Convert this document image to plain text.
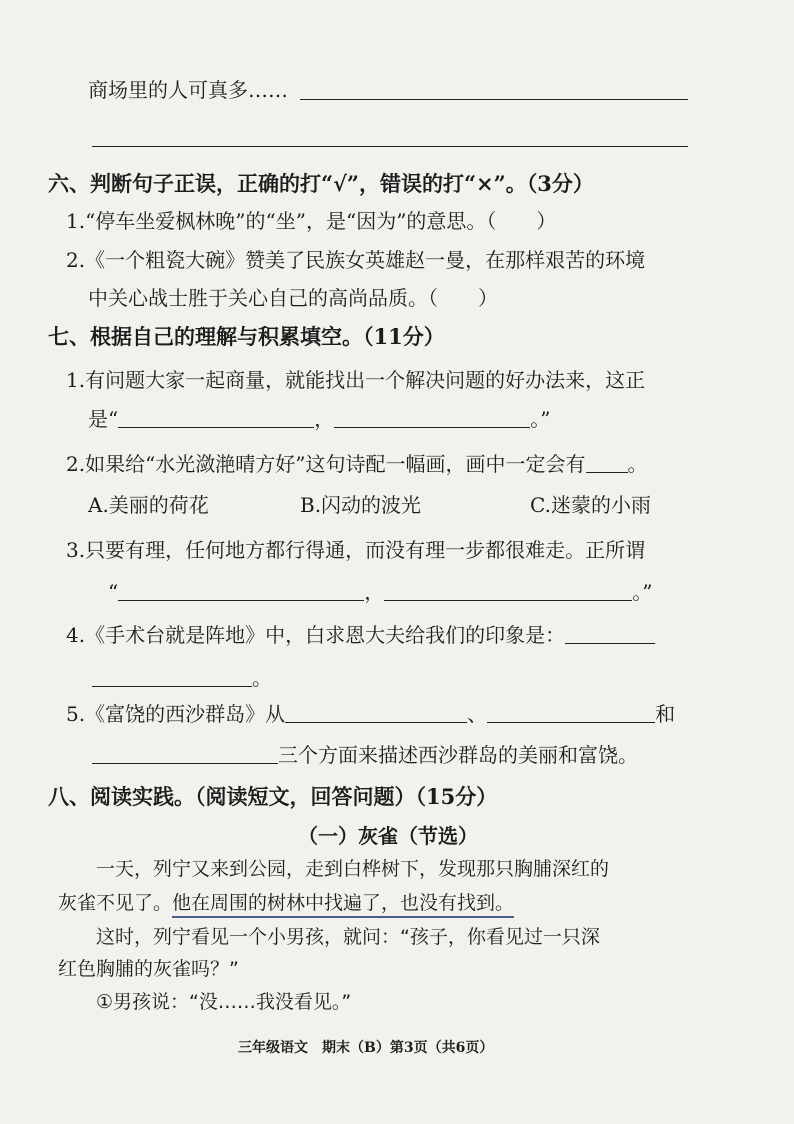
商场里的人可真多……
六、判断句子正误，正确的打“√”，错误的打“×”。（3分）
1.“停车坐爱枫林晚”的“坐”，是“因为”的意思。（　　）
2.《一个粗瓷大碗》赞美了民族女英雄赵一曼，在那样艰苦的环境
中关心战士胜于关心自己的高尚品质。（　　）
七、根据自己的理解与积累填空。（11分）
1.有问题大家一起商量，就能找出一个解决问题的好办法来，这正
是“	，	。”
2.如果给“水光潋滟晴方好”这句诗配一幅画，画中一定会有 。
A.美丽的荷花	B.闪动的波光	C.迷蒙的小雨
3.只要有理，任何地方都行得通，而没有理一步都很难走。正所谓
“	，	。”
4.《手术台就是阵地》中，白求恩大夫给我们的印象是：
。
5.《富饶的西沙群岛》从	、	和
三个方面来描述西沙群岛的美丽和富饶。
八、阅读实践。（阅读短文，回答问题）（15分）
（一）灰雀（节选）
一天，列宁又来到公园，走到白桦树下，发现那只胸脯深红的
灰雀不见了。他在周围的树林中找遍了，也没有找到。
这时，列宁看见一个小男孩，就问：“孩子，你看见过一只深
红色胸脯的灰雀吗？”
①男孩说：“没……我没看见。”
三年级语文　期末（B）第3页（共6页）
